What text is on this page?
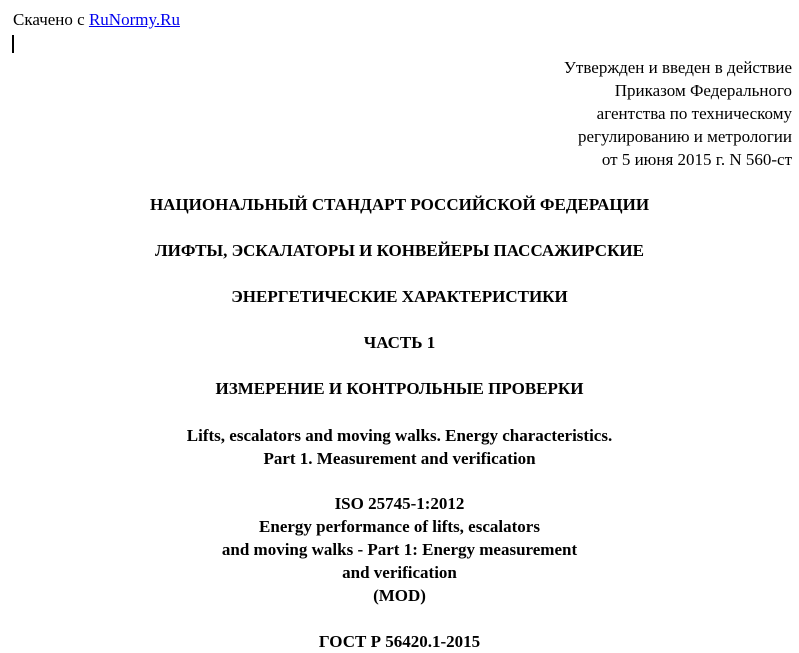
Скачено с RuNormy.Ru
Утвержден и введен в действие
Приказом Федерального
агентства по техническому
регулированию и метрологии
от 5 июня 2015 г. N 560-ст
НАЦИОНАЛЬНЫЙ СТАНДАРТ РОССИЙСКОЙ ФЕДЕРАЦИИ
ЛИФТЫ, ЭСКАЛАТОРЫ И КОНВЕЙЕРЫ ПАССАЖИРСКИЕ
ЭНЕРГЕТИЧЕСКИЕ ХАРАКТЕРИСТИКИ
ЧАСТЬ 1
ИЗМЕРЕНИЕ И КОНТРОЛЬНЫЕ ПРОВЕРКИ
Lifts, escalators and moving walks. Energy characteristics.
Part 1. Measurement and verification
ISO 25745-1:2012
Energy performance of lifts, escalators
and moving walks - Part 1: Energy measurement
and verification
(MOD)
ГОСТ Р 56420.1-2015
